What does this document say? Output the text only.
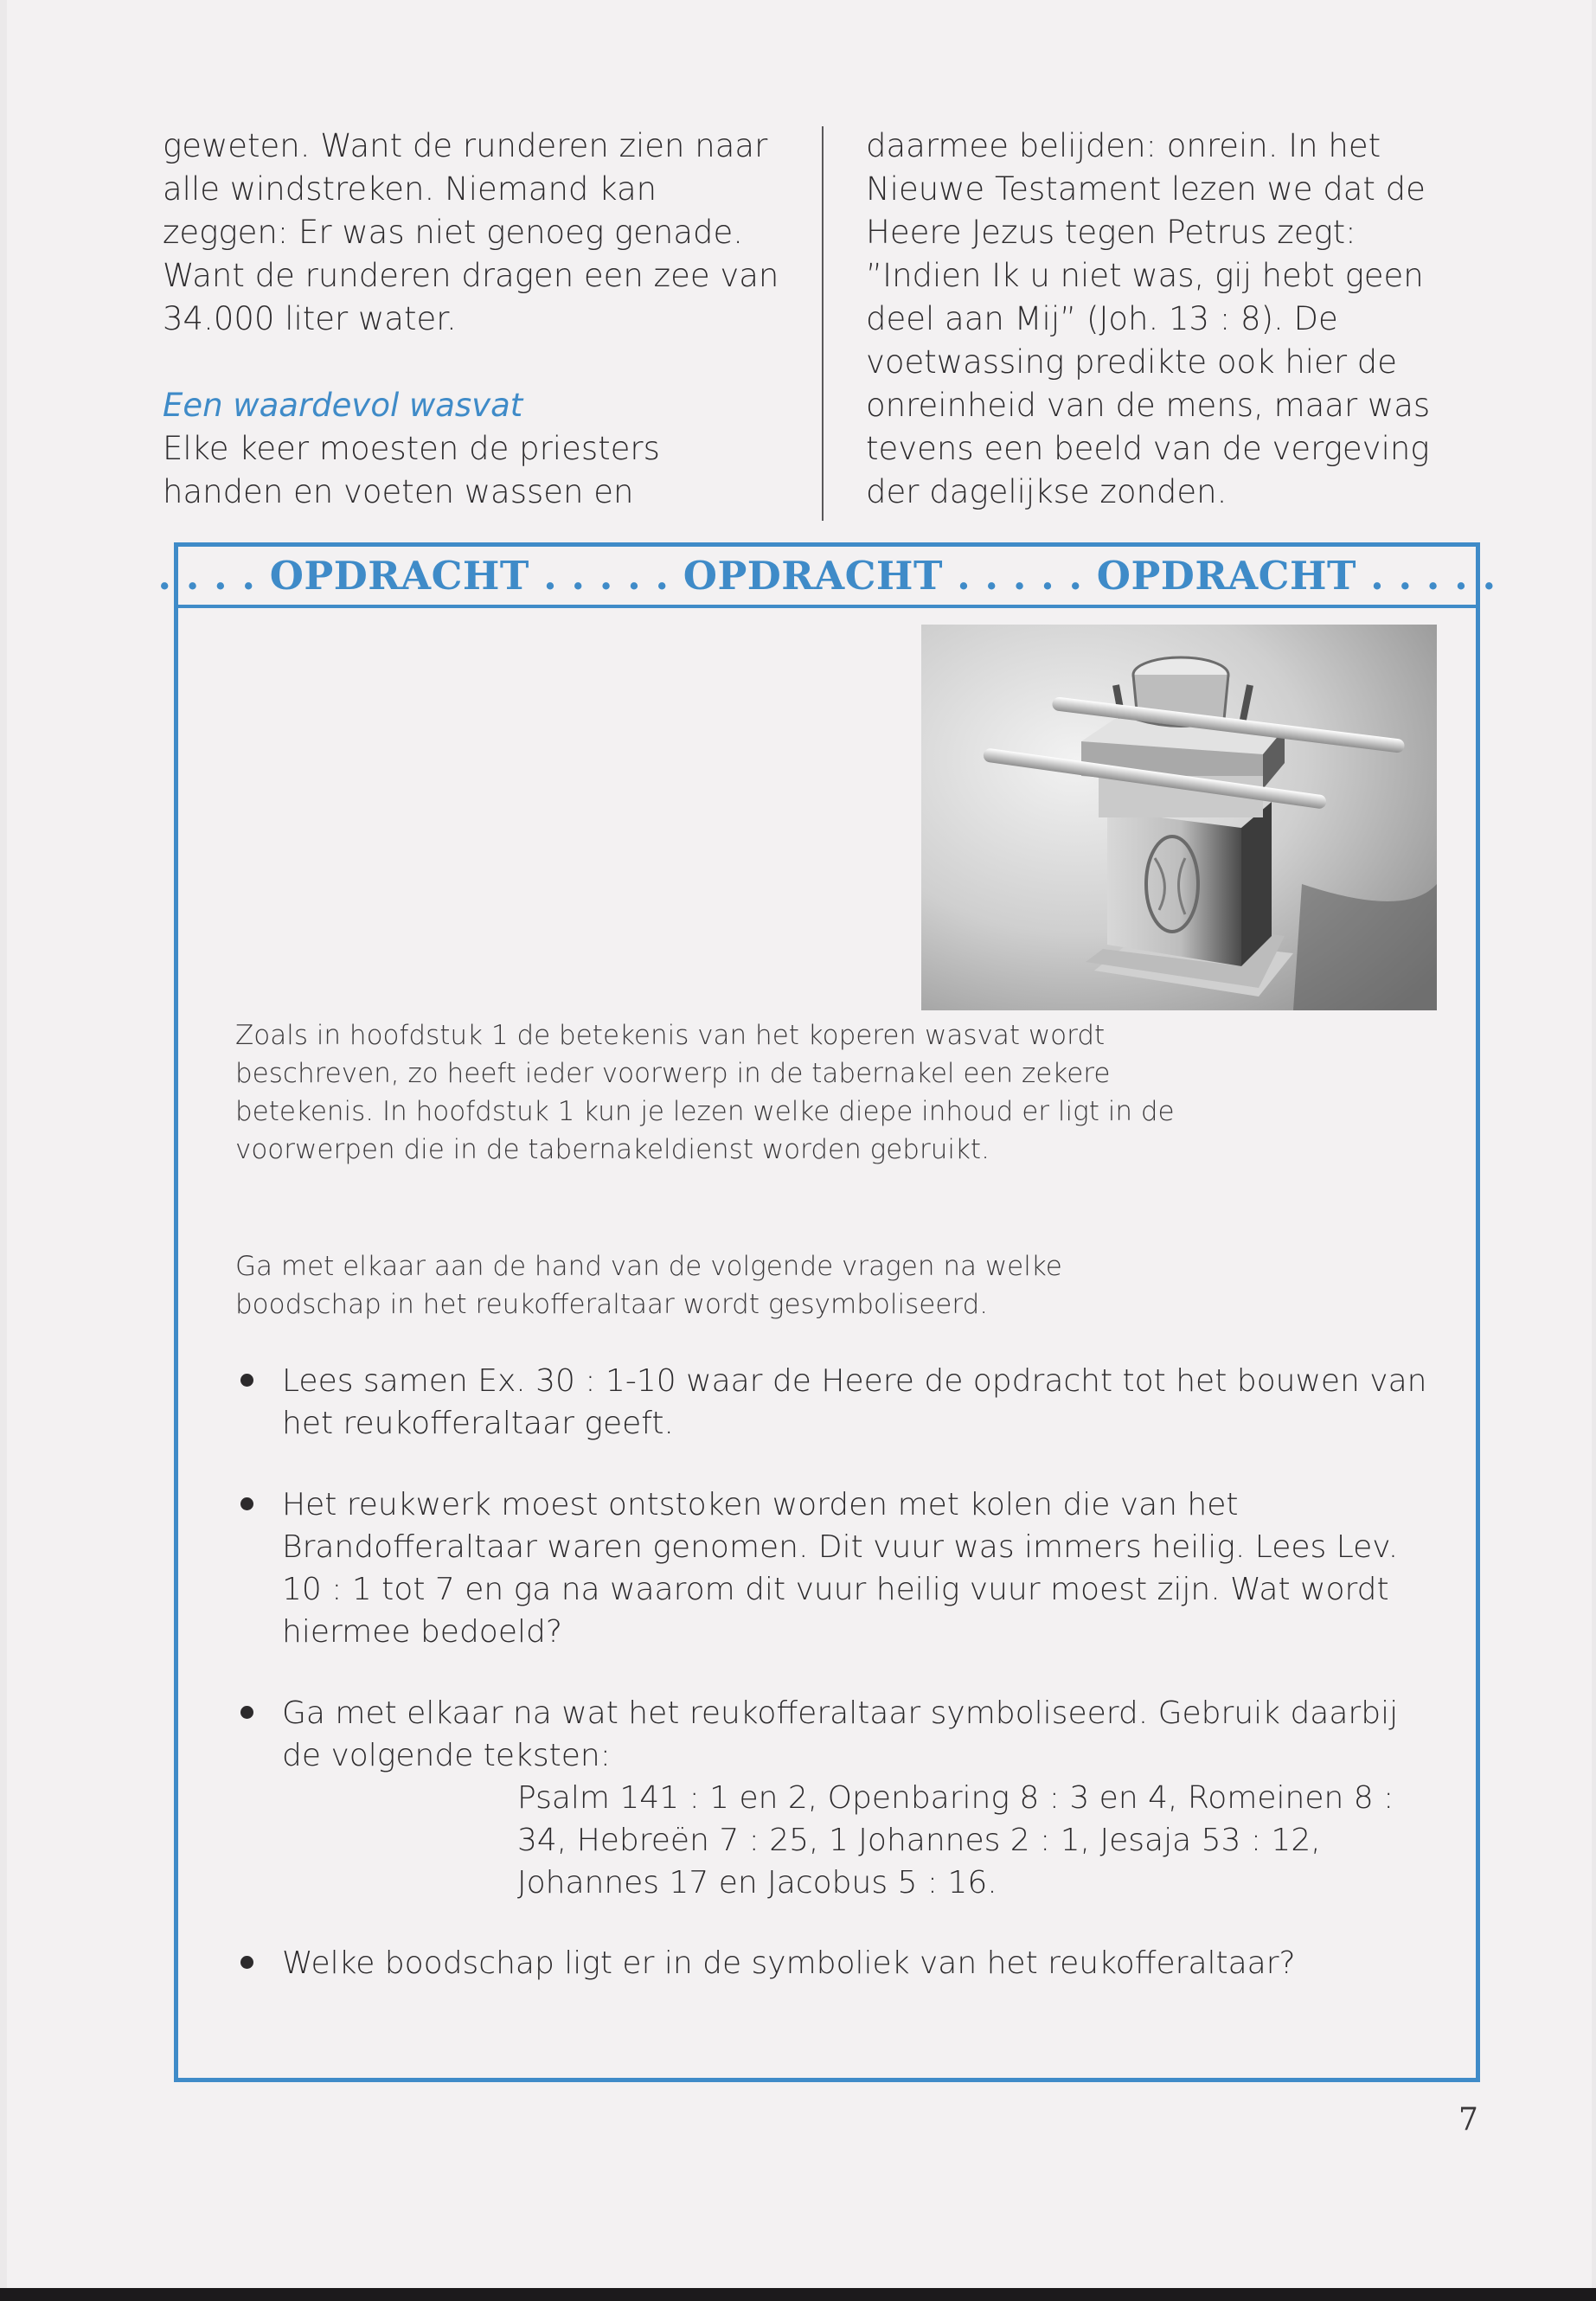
geweten. Want de runderen zien naar alle windstreken. Niemand kan zeggen: Er was niet genoeg genade. Want de runderen dragen een zee van 34.000 liter water.

Een waardevol wasvat

Elke keer moesten de priesters handen en voeten wassen en

daarmee belijden: onrein. In het Nieuwe Testament lezen we dat de Heere Jezus tegen Petrus zegt: ”Indien Ik u niet was, gij hebt geen deel aan Mij” (Joh. 13 : 8). De voetwassing predikte ook hier de onreinheid van de mens, maar was tevens een beeld van de vergeving der dagelijkse zonden.

. . . . OPDRACHT . . . . . OPDRACHT . . . . . OPDRACHT . . . . .

Zoals in hoofdstuk 1 de betekenis van het koperen wasvat wordt beschreven, zo heeft ieder voorwerp in de tabernakel een zekere betekenis. In hoofdstuk 1 kun je lezen welke diepe inhoud er ligt in de voorwerpen die in de tabernakeldienst worden gebruikt.

Ga met elkaar aan de hand van de volgende vragen na welke boodschap in het reukofferaltaar wordt gesymboliseerd.

Lees samen Ex. 30 : 1-10 waar de Heere de opdracht tot het bouwen van het reukofferaltaar geeft.
Het reukwerk moest ontstoken worden met kolen die van het Brandofferaltaar waren genomen. Dit vuur was immers heilig. Lees Lev. 10 : 1 tot 7 en ga na waarom dit vuur heilig vuur moest zijn. Wat wordt hiermee bedoeld?
Ga met elkaar na wat het reukofferaltaar symboliseerd. Gebruik daarbij de volgende teksten:
Psalm 141 : 1 en 2, Openbaring 8 : 3 en 4, Romeinen 8 : 34, Hebreën 7 : 25, 1 Johannes 2 : 1, Jesaja 53 : 12, Johannes 17 en Jacobus 5 : 16.
Welke boodschap ligt er in de symboliek van het reukofferaltaar?
7
